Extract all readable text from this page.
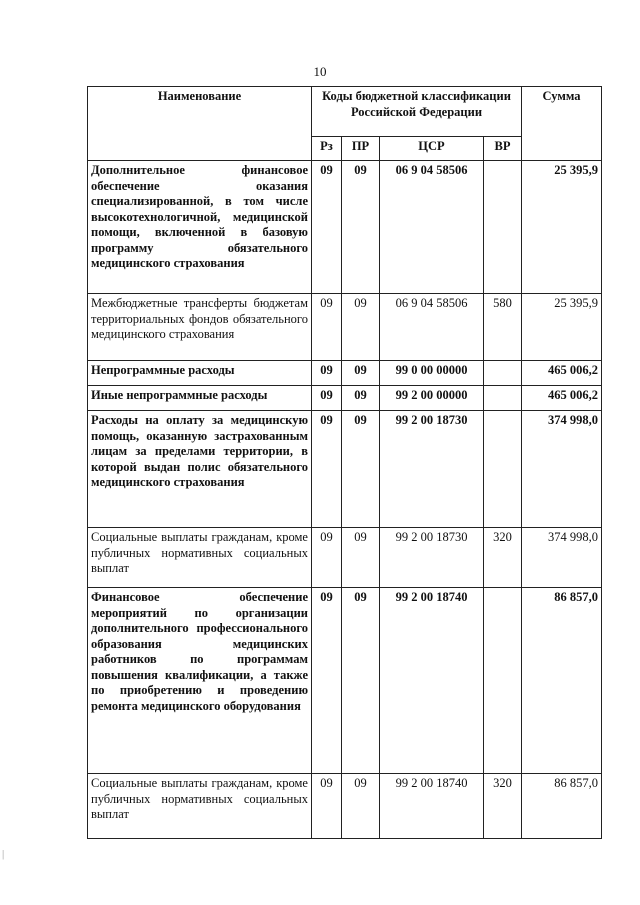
10
Наименование	Коды бюджетной классификации Российской Федерации				Сумма
	Рз	ПР	ЦСР	ВР	
Дополнительное финансовое обеспечение оказания специализированной, в том числе высокотехнологичной, медицинской помощи, включенной в базовую программу обязательного медицинского страхования	09	09	06 9 04 58506		25 395,9
Межбюджетные трансферты бюджетам территориальных фондов обязательного медицинского страхования	09	09	06 9 04 58506	580	25 395,9
Непрограммные расходы	09	09	99 0 00 00000		465 006,2
Иные непрограммные расходы	09	09	99 2 00 00000		465 006,2
Расходы на оплату за медицинскую помощь, оказанную застрахованным лицам за пределами территории, в которой выдан полис обязательного медицинского страхования	09	09	99 2 00 18730		374 998,0
Социальные выплаты гражданам, кроме публичных нормативных социальных выплат	09	09	99 2 00 18730	320	374 998,0
Финансовое обеспечение мероприятий по организации дополнительного профессионального образования медицинских работников по программам повышения квалификации, а также по приобретению и проведению ремонта медицинского оборудования	09	09	99 2 00 18740		86 857,0
Социальные выплаты гражданам, кроме публичных нормативных социальных выплат	09	09	99 2 00 18740	320	86 857,0
|
